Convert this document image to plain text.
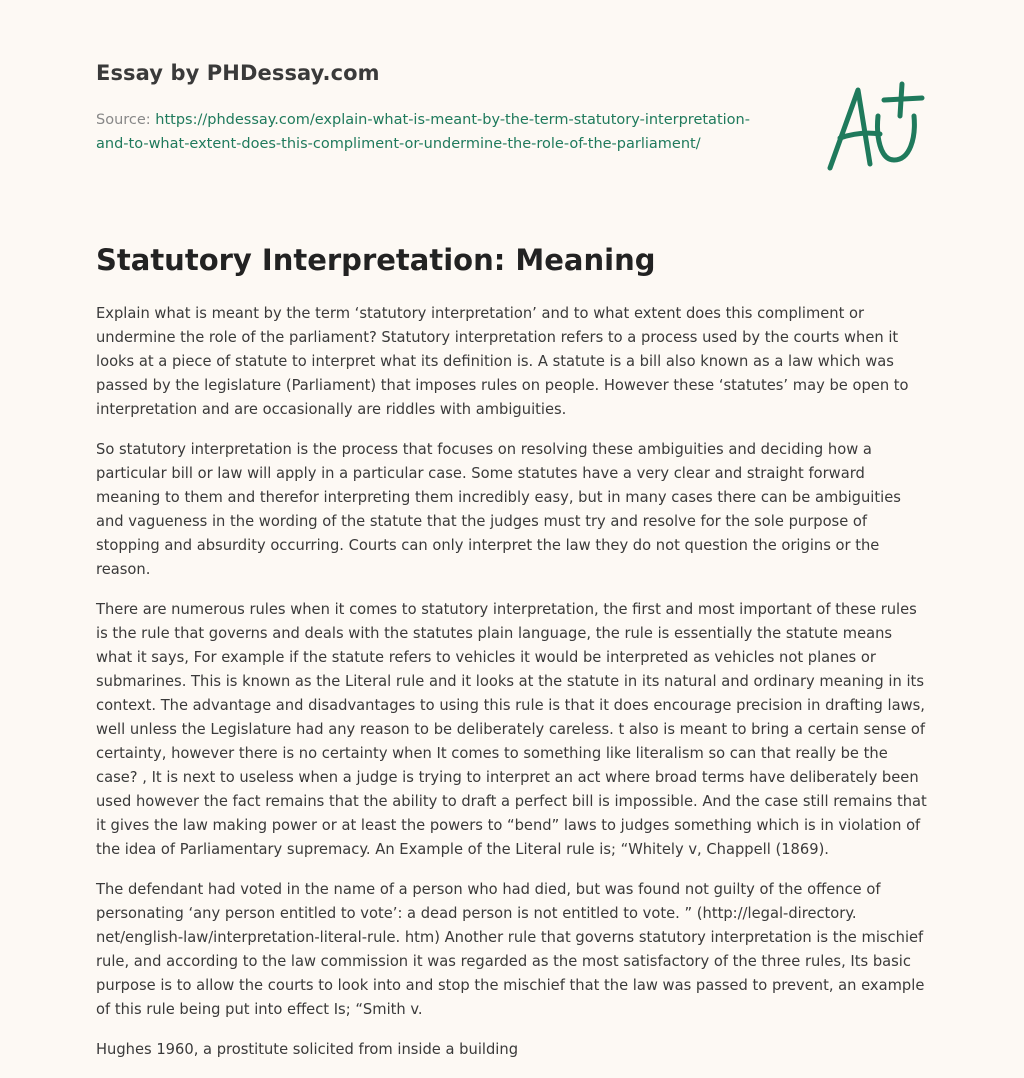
Essay by PHDessay.com
Source: https://phdessay.com/explain-what-is-meant-by-the-term-statutory-interpretation-and-to-what-extent-does-this-compliment-or-undermine-the-role-of-the-parliament/
Statutory Interpretation: Meaning

Explain what is meant by the term ‘statutory interpretation’ and to what extent does this compliment or undermine the role of the parliament? Statutory interpretation refers to a process used by the courts when it looks at a piece of statute to interpret what its definition is. A statute is a bill also known as a law which was passed by the legislature (Parliament) that imposes rules on people. However these ‘statutes’ may be open to interpretation and are occasionally are riddles with ambiguities.

So statutory interpretation is the process that focuses on resolving these ambiguities and deciding how a particular bill or law will apply in a particular case. Some statutes have a very clear and straight forward meaning to them and therefor interpreting them incredibly easy, but in many cases there can be ambiguities and vagueness in the wording of the statute that the judges must try and resolve for the sole purpose of stopping and absurdity occurring. Courts can only interpret the law they do not question the origins or the reason.

There are numerous rules when it comes to statutory interpretation, the first and most important of these rules is the rule that governs and deals with the statutes plain language, the rule is essentially the statute means what it says, For example if the statute refers to vehicles it would be interpreted as vehicles not planes or submarines. This is known as the Literal rule and it looks at the statute in its natural and ordinary meaning in its context. The advantage and disadvantages to using this rule is that it does encourage precision in drafting laws, well unless the Legislature had any reason to be deliberately careless. t also is meant to bring a certain sense of certainty, however there is no certainty when It comes to something like literalism so can that really be the case? , It is next to useless when a judge is trying to interpret an act where broad terms have deliberately been used however the fact remains that the ability to draft a perfect bill is impossible. And the case still remains that it gives the law making power or at least the powers to “bend” laws to judges something which is in violation of the idea of Parliamentary supremacy. An Example of the Literal rule is; “Whitely v, Chappell (1869).

The defendant had voted in the name of a person who had died, but was found not guilty of the offence of personating ‘any person entitled to vote’: a dead person is not entitled to vote. ” (http://legal-directory. net/english-law/interpretation-literal-rule. htm) Another rule that governs statutory interpretation is the mischief rule, and according to the law commission it was regarded as the most satisfactory of the three rules, Its basic purpose is to allow the courts to look into and stop the mischief that the law was passed to prevent, an example of this rule being put into effect Is; “Smith v.

Hughes 1960, a prostitute solicited from inside a building
